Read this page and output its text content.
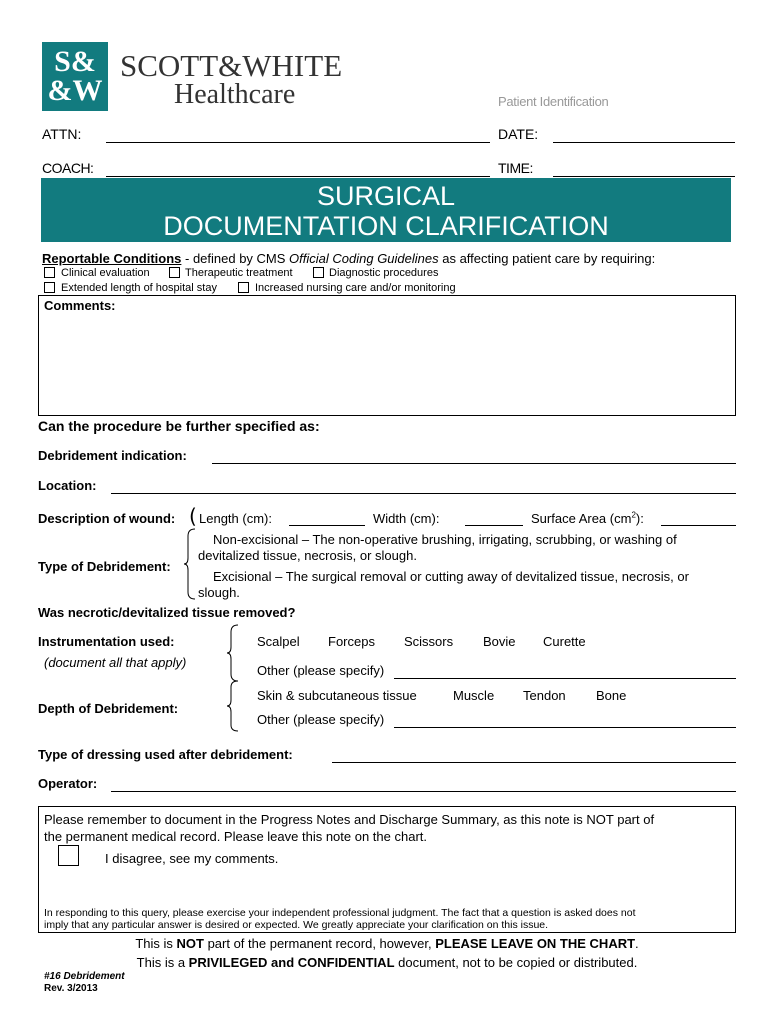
S&
&W
SCOTT&WHITE
Healthcare	Patient Identification
ATTN:	DATE:
COACH:	TIME:
SURGICAL
DOCUMENTATION CLARIFICATION
Reportable Conditions - defined by CMS Official Coding Guidelines as affecting patient care by requiring:
Clinical evaluation	Therapeutic treatment	Diagnostic procedures
Extended length of hospital stay	Increased nursing care and/or monitoring
Comments:
Can the procedure be further specified as:
Debridement indication:
Location:
Description of wound: ( Length (cm):	Width (cm):	Surface Area $(cm^2)$:
Type of Debridement:
Non-excisional – The non-operative brushing, irrigating, scrubbing, or washing of
devitalized tissue, necrosis, or slough.
Excisional – The surgical removal or cutting away of devitalized tissue, necrosis, or
slough.
Was necrotic/devitalized tissue removed?
Instrumentation used:
(document all that apply)
Scalpel Forceps Scissors Bovie Curette
Other (please specify)
Depth of Debridement:
Skin & subcutaneous tissue	Muscle Tendon Bone
Other (please specify)
Type of dressing used after debridement:
Operator:
Please remember to document in the Progress Notes and Discharge Summary, as this note is NOT part of
the permanent medical record. Please leave this note on the chart.
I disagree, see my comments.
In responding to this query, please exercise your independent professional judgment. The fact that a question is asked does not
imply that any particular answer is desired or expected. We greatly appreciate your clarification on this issue.
This is NOT part of the permanent record, however, PLEASE LEAVE ON THE CHART.
This is a PRIVILEGED and CONFIDENTIAL document, not to be copied or distributed.
#16 Debridement
Rev. 3/2013
